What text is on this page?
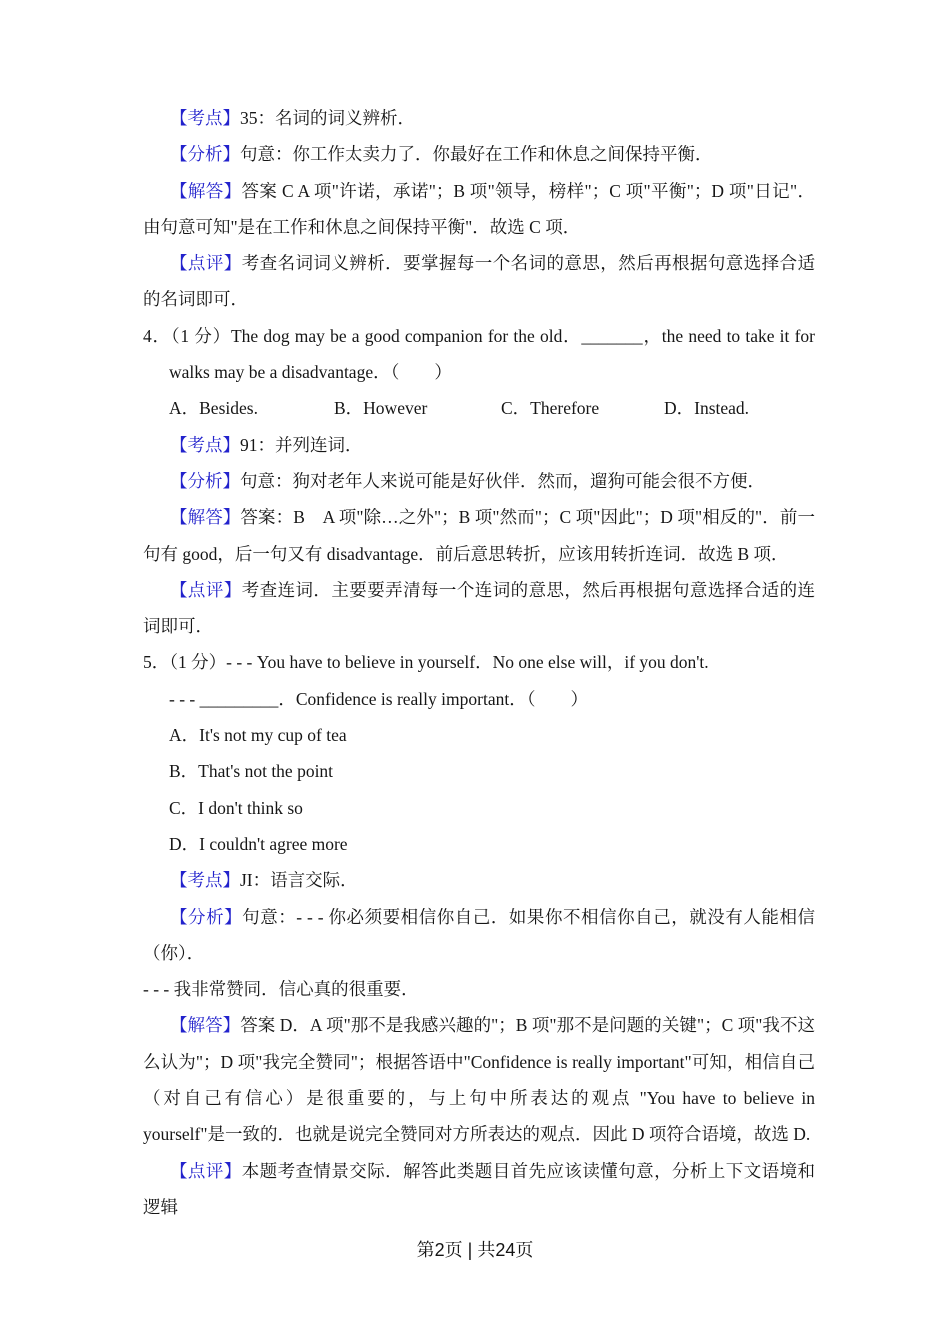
【考点】35：名词的词义辨析．

【分析】句意：你工作太卖力了．你最好在工作和休息之间保持平衡．

【解答】答案 C A 项"许诺，承诺"；B 项"领导，榜样"；C 项"平衡"；D 项"日记"．由句意可知"是在工作和休息之间保持平衡"．故选 C 项．

【点评】考查名词词义辨析．要掌握每一个名词的意思，然后再根据句意选择合适的名词即可．

4．（1 分）The dog may be a good companion for the old．_______，the need to take it for walks may be a disadvantage．（　　）

A．Besides.	B．However	C．Therefore	D．Instead.

【考点】91：并列连词．

【分析】句意：狗对老年人来说可能是好伙伴．然而，遛狗可能会很不方便．

【解答】答案：B　A 项"除…之外"；B 项"然而"；C 项"因此"；D 项"相反的"．前一句有 good，后一句又有 disadvantage．前后意思转折，应该用转折连词．故选 B 项．

【点评】考查连词．主要要弄清每一个连词的意思，然后再根据句意选择合适的连词即可．

5．（1 分）- - - You have to believe in yourself．No one else will，if you don't.

- - - _________．Confidence is really important．（　　）

A．It's not my cup of tea

B．That's not the point

C．I don't think so

D．I couldn't agree more

【考点】JI：语言交际．

【分析】句意：- - - 你必须要相信你自己．如果你不相信你自己，就没有人能相信（你）．

- - - 我非常赞同．信心真的很重要．

【解答】答案 D．A 项"那不是我感兴趣的"；B 项"那不是问题的关键"；C 项"我不这么认为"；D 项"我完全赞同"；根据答语中"Confidence is really important"可知，相信自己（对自己有信心）是很重要的，与上句中所表达的观点 "You have to believe in yourself"是一致的．也就是说完全赞同对方所表达的观点．因此 D 项符合语境，故选 D.

【点评】本题考查情景交际．解答此类题目首先应该读懂句意，分析上下文语境和逻辑

第2页 | 共24页
